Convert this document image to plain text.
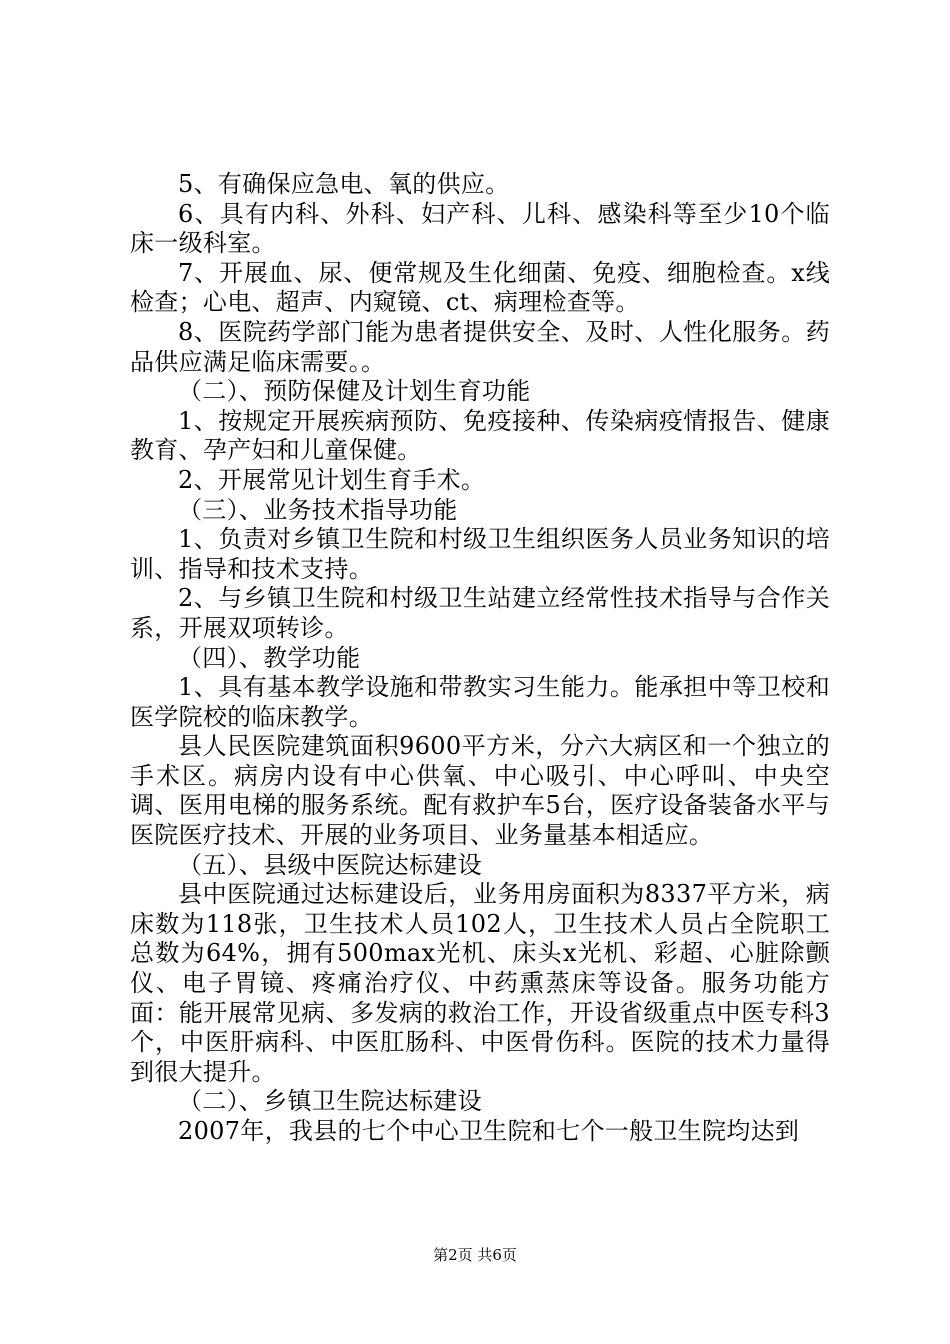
5、有确保应急电、氧的供应。

6、具有内科、外科、妇产科、儿科、感染科等至少10个临床一级科室。

7、开展血、尿、便常规及生化细菌、免疫、细胞检查。x线检查；心电、超声、内窥镜、ct、病理检查等。

8、医院药学部门能为患者提供安全、及时、人性化服务。药品供应满足临床需要。。

（二）、预防保健及计划生育功能

1、按规定开展疾病预防、免疫接种、传染病疫情报告、健康教育、孕产妇和儿童保健。

2、开展常见计划生育手术。

（三）、业务技术指导功能

1、负责对乡镇卫生院和村级卫生组织医务人员业务知识的培训、指导和技术支持。

2、与乡镇卫生院和村级卫生站建立经常性技术指导与合作关系，开展双项转诊。

（四）、教学功能

1、具有基本教学设施和带教实习生能力。能承担中等卫校和医学院校的临床教学。

县人民医院建筑面积9600平方米，分六大病区和一个独立的手术区。病房内设有中心供氧、中心吸引、中心呼叫、中央空调、医用电梯的服务系统。配有救护车5台，医疗设备装备水平与医院医疗技术、开展的业务项目、业务量基本相适应。

（五）、县级中医院达标建设

县中医院通过达标建设后，业务用房面积为8337平方米，病床数为118张，卫生技术人员102人，卫生技术人员占全院职工总数为64%，拥有500max光机、床头x光机、彩超、心脏除颤仪、电子胃镜、疼痛治疗仪、中药熏蒸床等设备。服务功能方面：能开展常见病、多发病的救治工作，开设省级重点中医专科3个，中医肝病科、中医肛肠科、中医骨伤科。医院的技术力量得到很大提升。

（二）、乡镇卫生院达标建设

2007年，我县的七个中心卫生院和七个一般卫生院均达到

第2页 共6页
